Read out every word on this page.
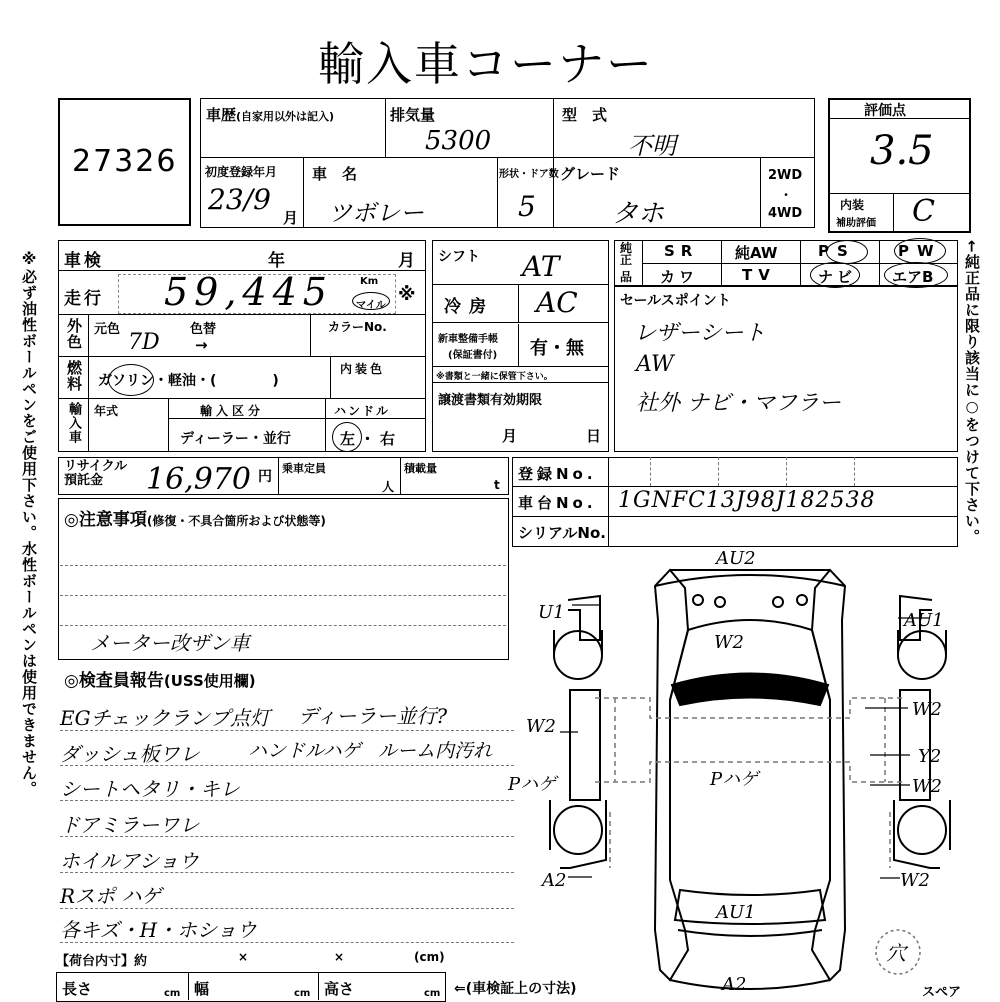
輸入車コーナー
27326
車歴(自家用以外は記入)	排気量
5300
型　式
不明
初度登録年月
23/9
月
車　名
ツボレー
形状・ドア数
5
グレード
タホ
2WD
・
4WD
評価点
3.5
内装
補助評価 C
車検	年	月
走行 59,445	Km
マイル
※
外色 元色
7D
色替
→
カラーNo.
燃料 ガソリン・軽油・(　　　　)
内装色
輸入車 年式	輸入区分
ディーラー・並行
ハンドル
左・右
シフト AT
冷房 AC
新車整備手帳
(保証書付) 有・無
※書類と一緒に保管下さい。
譲渡書類有効期限
月	日
純正
品
SR 純AW	PS	PW
カワ	TV	ナビ エアB
セールスポイント
レザーシート
AW
社外 ナビ・マフラー
リサイクル預託金	16,970 円
乗車定員
人
積載量
t
登録No.
車台No. 1GNFC13J98J182538
シリアルNo.
◎注意事項(修復・不具合箇所および状態等)
メーター改ザン車
◎検査員報告(USS使用欄)
EGチェックランプ点灯 ディーラー並行?
ダッシュ板ワレ	ハンドルハゲ ルーム内汚れ
シートヘタリ・キレ
ドアミラーワレ
ホイルアショウ
Rスポ ハゲ
各キズ・H・ホショウ
【荷台内寸】約	×	×	(cm)
長さ	cm 幅	cm 高さ	cm ⇐(車検証上の寸法)
AU2
U1	AU1
W2
W2
W2
Y2
W2
Pハゲ	Pハゲ
A2	W2
AU1
A2
穴
スペア
※必ず油性ボールペンをご使用下さい。水性ボールペンは使用できません。	←純正品に限り該当に○をつけて下さい。
